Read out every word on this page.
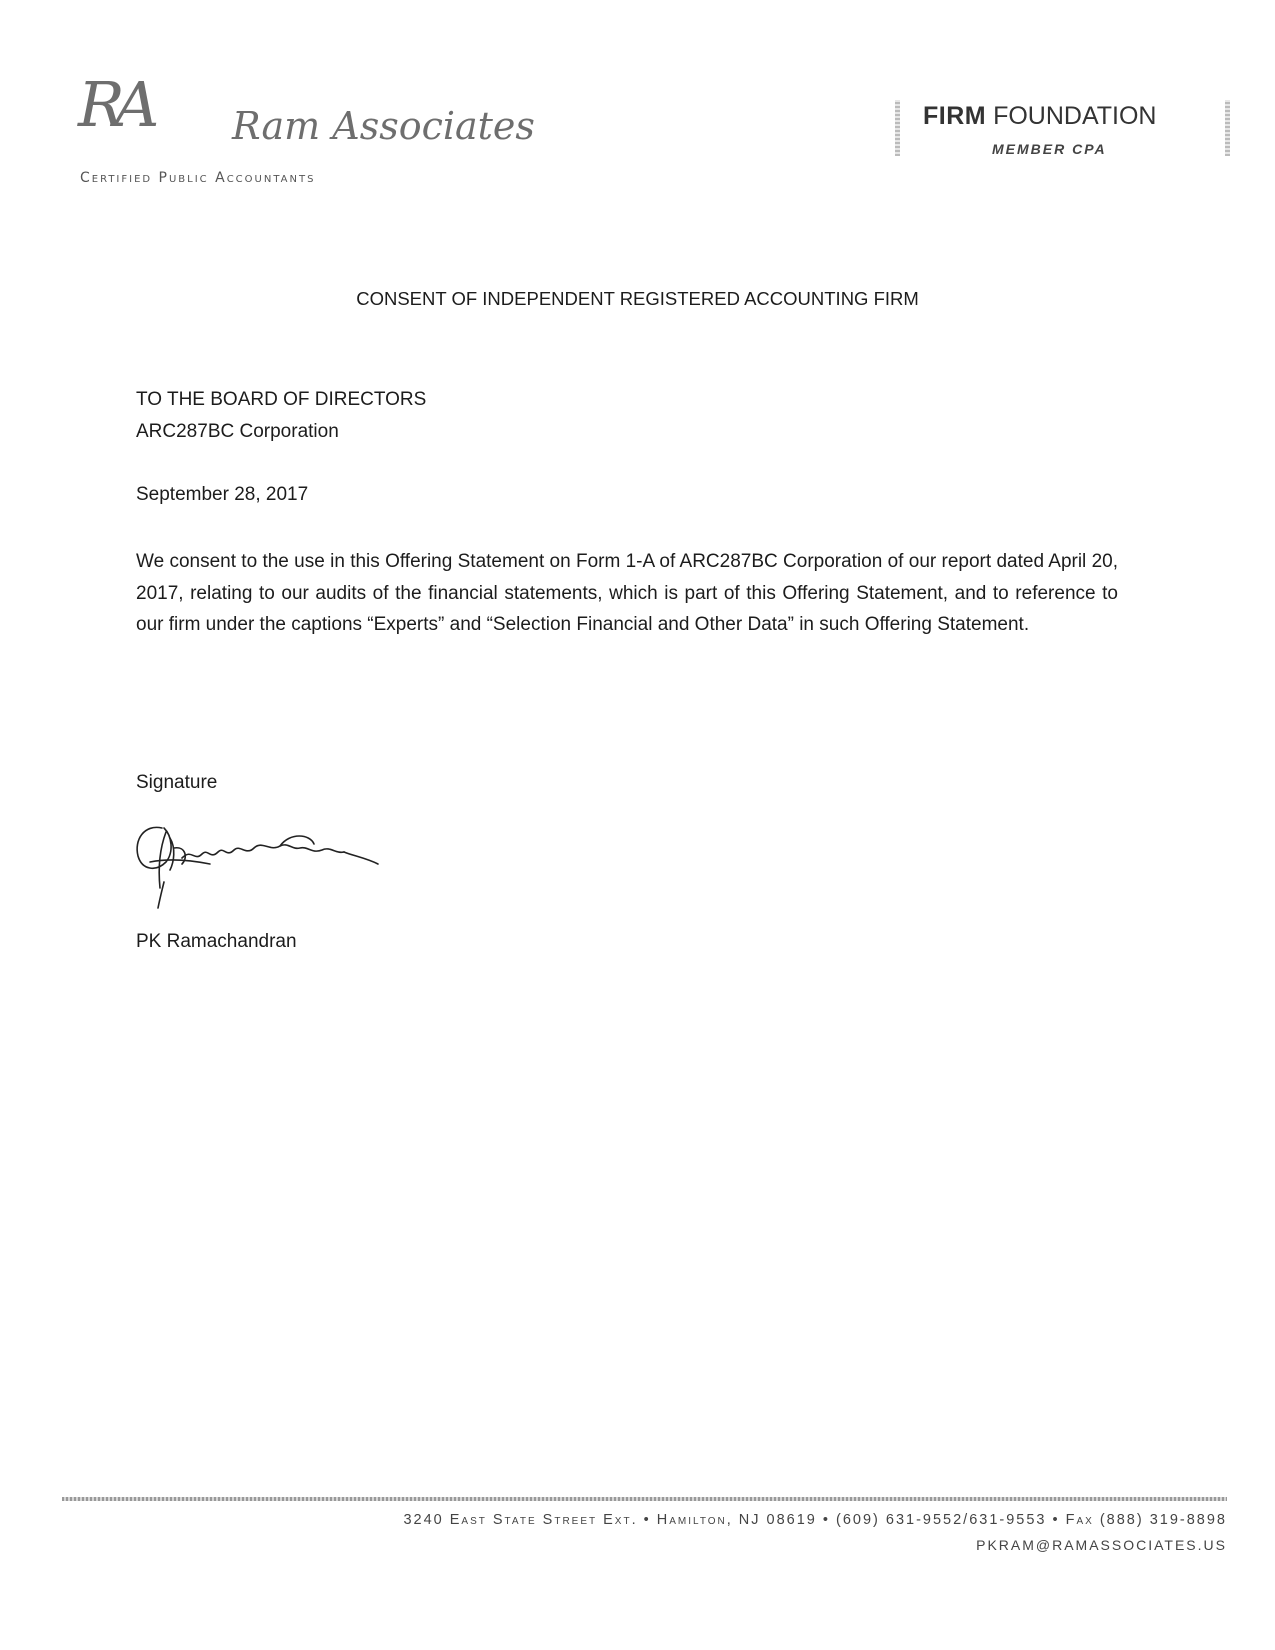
RA Ram Associates
Certified Public Accountants
FIRM FOUNDATION
MEMBER CPA
CONSENT OF INDEPENDENT REGISTERED ACCOUNTING FIRM
TO THE BOARD OF DIRECTORS
ARC287BC Corporation
September 28, 2017
We consent to the use in this Offering Statement on Form 1-A of ARC287BC Corporation of our report dated April 20, 2017, relating to our audits of the financial statements, which is part of this Offering Statement, and to reference to our firm under the captions “Experts” and “Selection Financial and Other Data” in such Offering Statement.
Signature
PK Ramachandran
3240 East State Street Ext. • Hamilton, NJ 08619 • (609) 631-9552/631-9553 • Fax (888) 319-8898
PKRAM@RAMASSOCIATES.US
